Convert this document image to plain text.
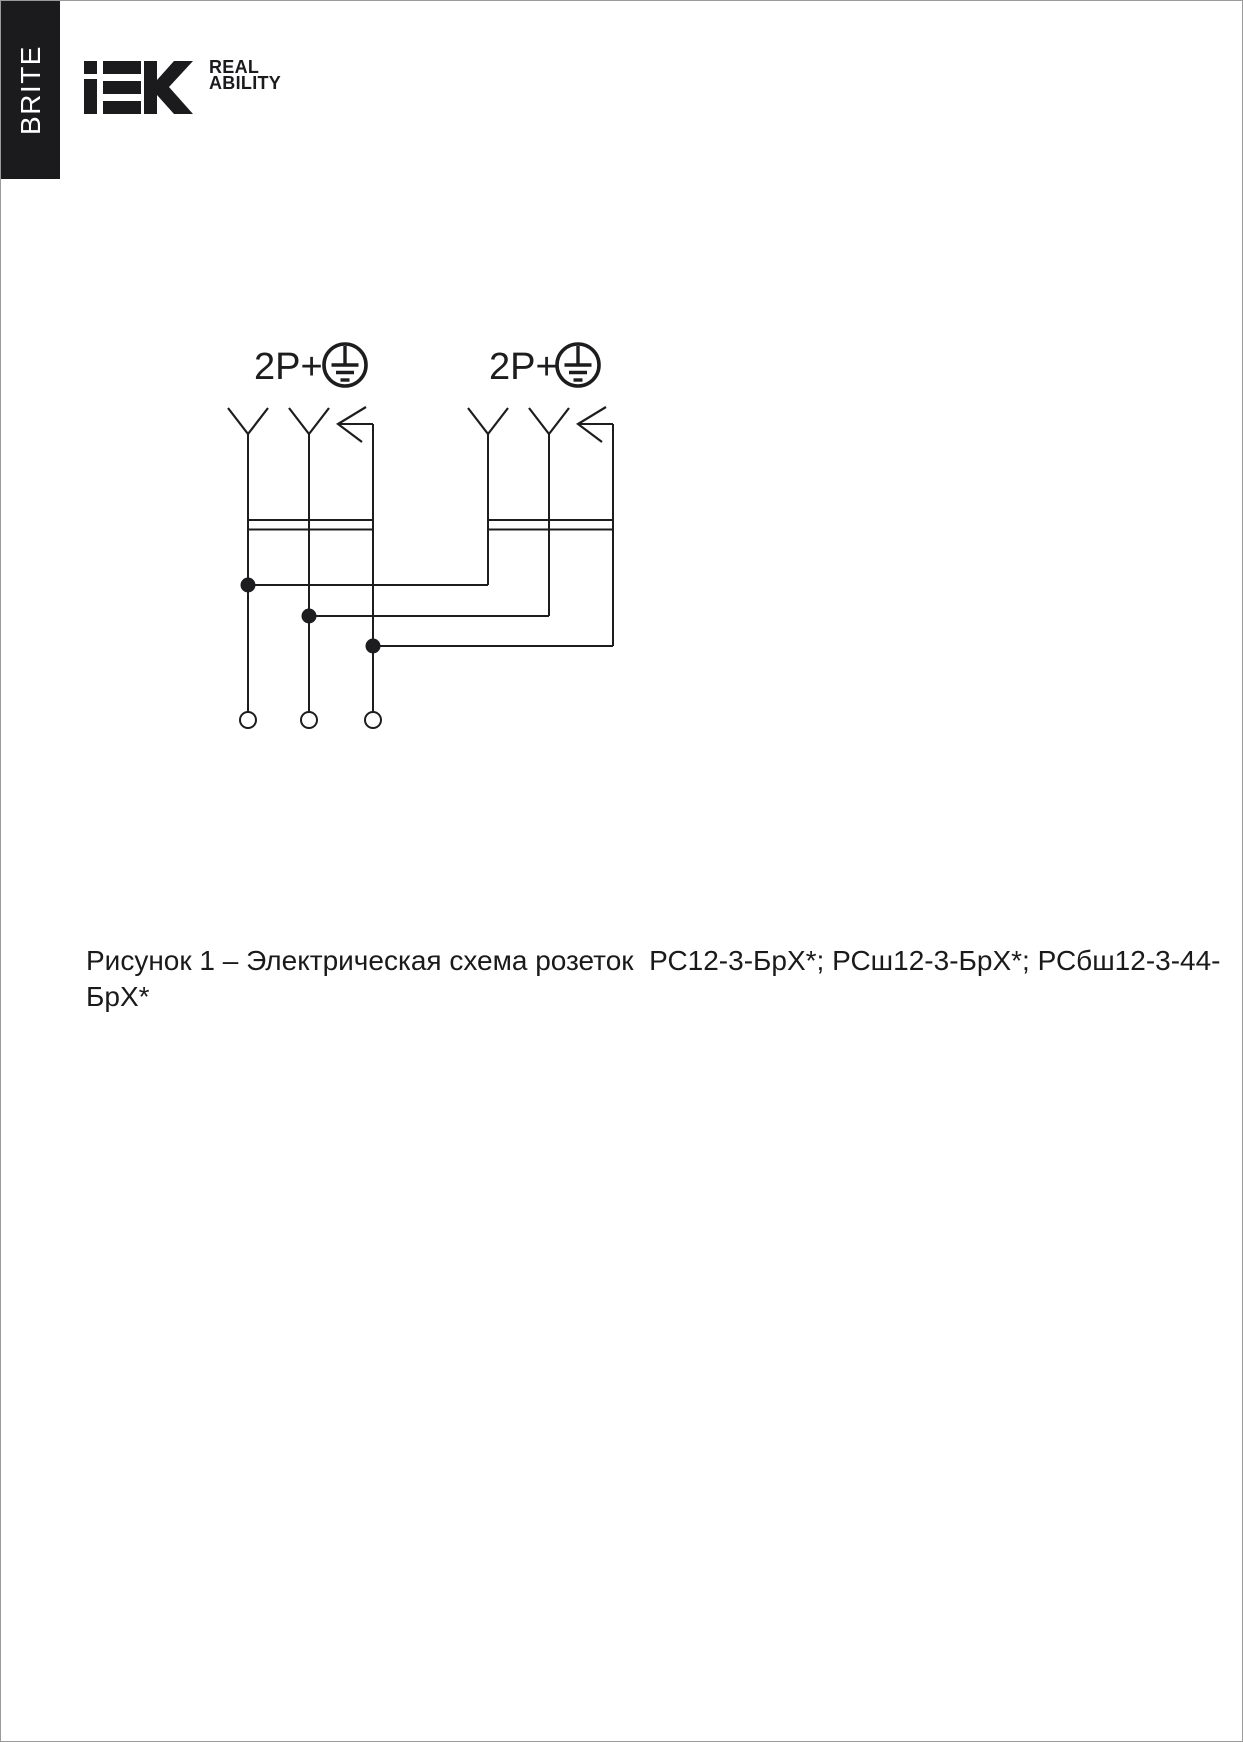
BRITE	REAL
ABILITY
2P+	2P+

Рисунок 1 – Электрическая схема розеток  РС12-3-БрХ*; РСш12-3-БрХ*; РСбш12-3-44-БрХ*
